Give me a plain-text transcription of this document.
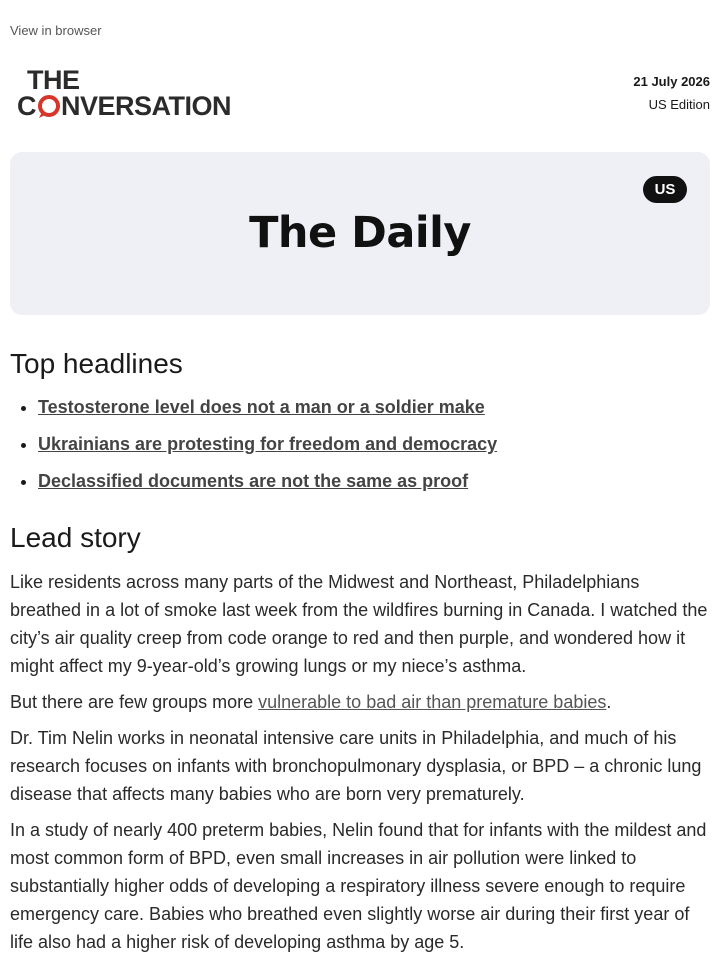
View in browser
THE
C NVERSATION
21 July 2026
US Edition
US
The Daily
Top headlines
• Testosterone level does not a man or a soldier make
• Ukrainians are protesting for freedom and democracy
• Declassified documents are not the same as proof
Lead story

Like residents across many parts of the Midwest and Northeast, Philadelphians breathed in a lot of smoke last week from the wildfires burning in Canada. I watched the city’s air quality creep from code orange to red and then purple, and wondered how it might affect my 9-year-old’s growing lungs or my niece’s asthma.

But there are few groups more vulnerable to bad air than premature babies.

Dr. Tim Nelin works in neonatal intensive care units in Philadelphia, and much of his research focuses on infants with bronchopulmonary dysplasia, or BPD – a chronic lung disease that affects many babies who are born very prematurely.

In a study of nearly 400 preterm babies, Nelin found that for infants with the mildest and most common form of BPD, even small increases in air pollution were linked to substantially higher odds of developing a respiratory illness severe enough to require emergency care. Babies who breathed even slightly worse air during their first year of life also had a higher risk of developing asthma by age 5.
